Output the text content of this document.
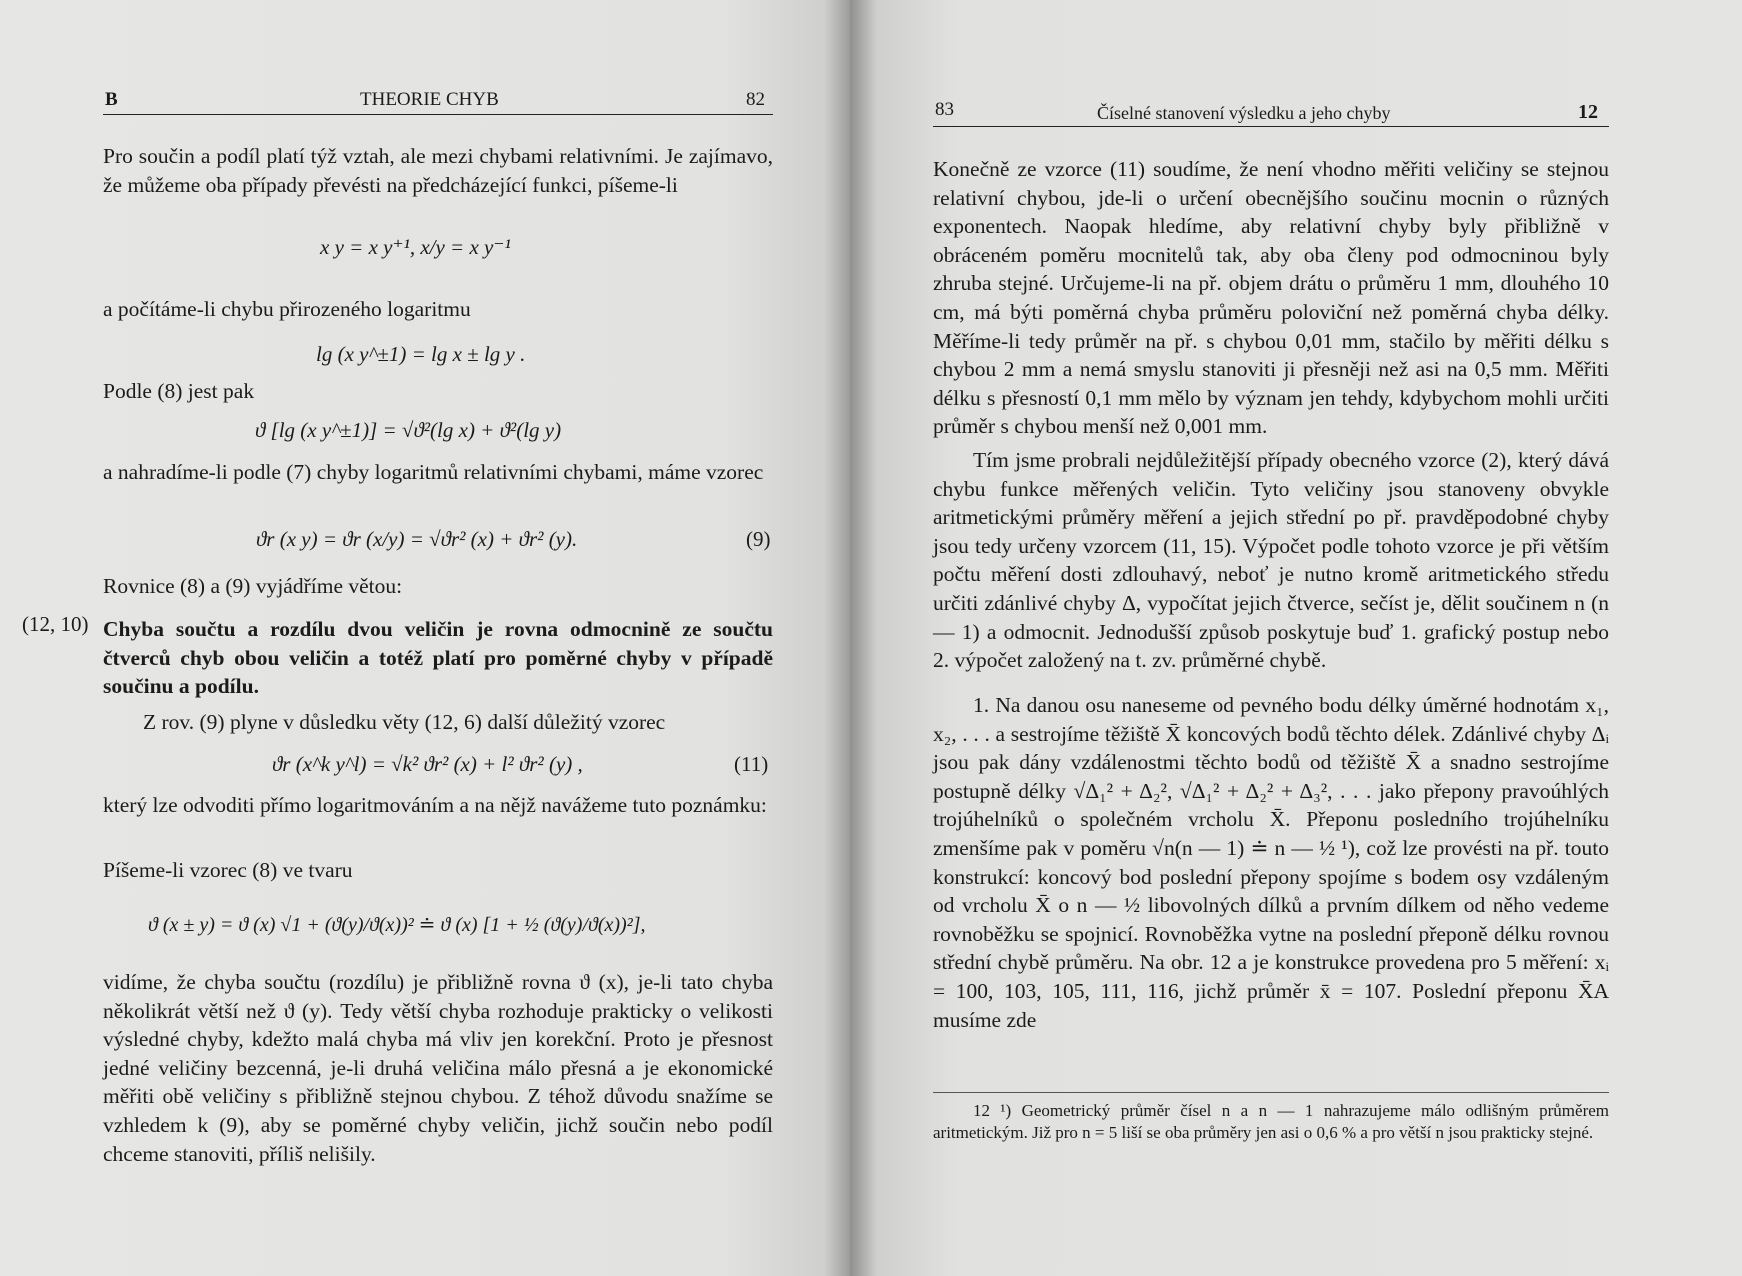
B	THEORIE CHYB	82
Pro součin a podíl platí týž vztah, ale mezi chybami relativními. Je zajímavo, že můžeme oba případy převésti na předcházející funkci, píšeme-li
x y = x y⁺¹, x/y = x y⁻¹
a počítáme-li chybu přirozeného logaritmu
lg (x y^±1) = lg x ± lg y .
Podle (8) jest pak
ϑ [lg (x y^±1)] = √ϑ²(lg x) + ϑ²(lg y)
a nahradíme-li podle (7) chyby logaritmů relativními chybami, máme vzorec
ϑr (x y) = ϑr (x/y) = √ϑr² (x) + ϑr² (y).	(9)
Rovnice (8) a (9) vyjádříme větou:
(12, 10) Chyba součtu a rozdílu dvou veličin je rovna odmocnině ze součtu čtverců chyb obou veličin a totéž platí pro poměrné chyby v případě součinu a podílu.
Z rov. (9) plyne v důsledku věty (12, 6) další důležitý vzorec
ϑr (x^k y^l) = √k² ϑr² (x) + l² ϑr² (y) ,	(11)
který lze odvoditi přímo logaritmováním a na nějž navážeme tuto poznámku:
Píšeme-li vzorec (8) ve tvaru
ϑ (x ± y) = ϑ (x) √1 + (ϑ(y)/ϑ(x))² ≐ ϑ (x) [1 + ½ (ϑ(y)/ϑ(x))²],
vidíme, že chyba součtu (rozdílu) je přibližně rovna ϑ (x), je-li tato chyba několikrát větší než ϑ (y). Tedy větší chyba rozhoduje prakticky o velikosti výsledné chyby, kdežto malá chyba má vliv jen korekční. Proto je přesnost jedné veličiny bezcenná, je-li druhá veličina málo přesná a je ekonomické měřiti obě veličiny s přibližně stejnou chybou. Z téhož důvodu snažíme se vzhledem k (9), aby se poměrné chyby veličin, jichž součin nebo podíl chceme stanoviti, příliš nelišily.
83	Číselné stanovení výsledku a jeho chyby	12
Konečně ze vzorce (11) soudíme, že není vhodno měřiti veličiny se stejnou relativní chybou, jde-li o určení obecnějšího součinu mocnin o různých exponentech. Naopak hledíme, aby relativní chyby byly přibližně v obráceném poměru mocnitelů tak, aby oba členy pod odmocninou byly zhruba stejné. Určujeme-li na př. objem drátu o průměru 1 mm, dlouhého 10 cm, má býti poměrná chyba průměru poloviční než poměrná chyba délky. Měříme-li tedy průměr na př. s chybou 0,01 mm, stačilo by měřiti délku s chybou 2 mm a nemá smyslu stanoviti ji přesněji než asi na 0,5 mm. Měřiti délku s přesností 0,1 mm mělo by význam jen tehdy, kdybychom mohli určiti průměr s chybou menší než 0,001 mm.
Tím jsme probrali nejdůležitější případy obecného vzorce (2), který dává chybu funkce měřených veličin. Tyto veličiny jsou stanoveny obvykle aritmetickými průměry měření a jejich střední po př. pravděpodobné chyby jsou tedy určeny vzorcem (11, 15). Výpočet podle tohoto vzorce je při větším počtu měření dosti zdlouhavý, neboť je nutno kromě aritmetického středu určiti zdánlivé chyby Δ, vypočítat jejich čtverce, sečíst je, dělit součinem n (n — 1) a odmocnit. Jednodušší způsob poskytuje buď 1. grafický postup nebo 2. výpočet založený na t. zv. průměrné chybě.
1. Na danou osu naneseme od pevného bodu délky úměrné hodnotám x₁, x₂, . . . a sestrojíme těžiště X̄ koncových bodů těchto délek. Zdánlivé chyby Δᵢ jsou pak dány vzdálenostmi těchto bodů od těžiště X̄ a snadno sestrojíme postupně délky √Δ₁² + Δ₂², √Δ₁² + Δ₂² + Δ₃², . . . jako přepony pravoúhlých trojúhelníků o společném vrcholu X̄. Přeponu posledního trojúhelníku zmenšíme pak v poměru √n(n — 1) ≐ n — ½ ¹), což lze provésti na př. touto konstrukcí: koncový bod poslední přepony spojíme s bodem osy vzdáleným od vrcholu X̄ o n — ½ libovolných dílků a prvním dílkem od něho vedeme rovnoběžku se spojnicí. Rovnoběžka vytne na poslední přeponě délku rovnou střední chybě průměru. Na obr. 12 a je konstrukce provedena pro 5 měření: xᵢ = 100, 103, 105, 111, 116, jichž průměr x̄ = 107. Poslední přeponu X̄A musíme zde
12 ¹) Geometrický průměr čísel n a n — 1 nahrazujeme málo odlišným průměrem aritmetickým. Již pro n = 5 liší se oba průměry jen asi o 0,6 % a pro větší n jsou prakticky stejné.
